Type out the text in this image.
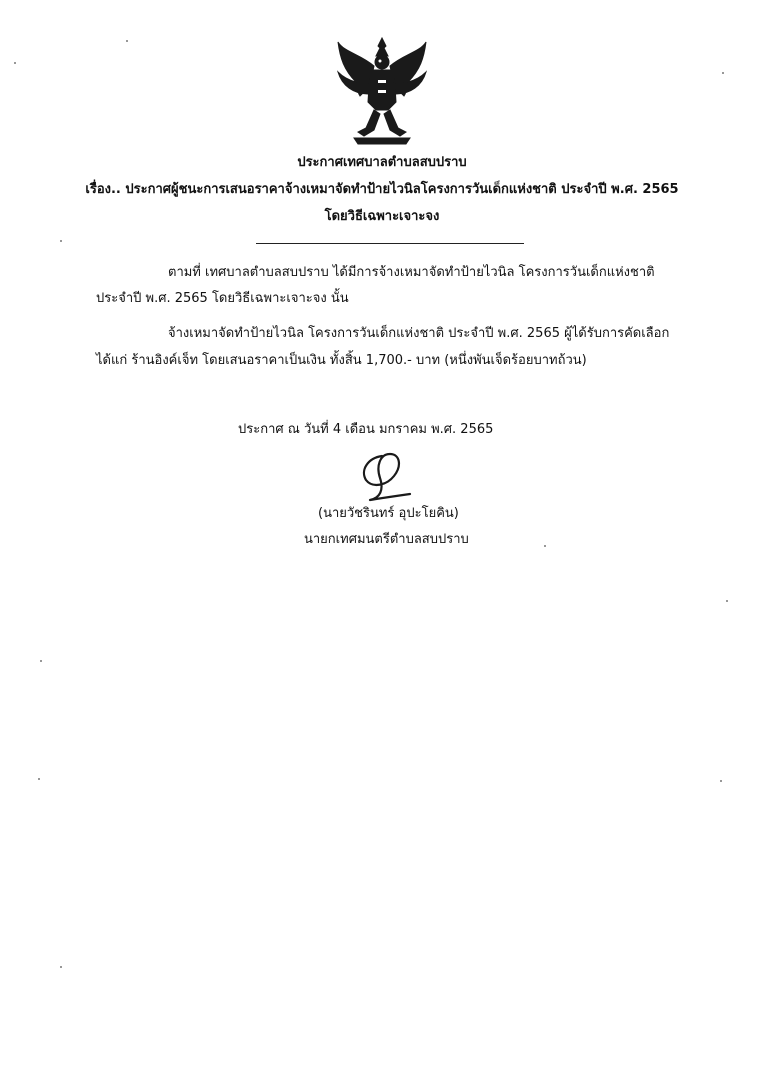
ประกาศเทศบาลตำบลสบปราบ
เรื่อง.. ประกาศผู้ชนะการเสนอราคาจ้างเหมาจัดทำป้ายไวนิลโครงการวันเด็กแห่งชาติ ประจำปี พ.ศ. 2565
โดยวิธีเฉพาะเจาะจง
ตามที่ เทศบาลตำบลสบปราบ ได้มีการจ้างเหมาจัดทำป้ายไวนิล โครงการวันเด็กแห่งชาติ
ประจำปี พ.ศ. 2565 โดยวิธีเฉพาะเจาะจง นั้น
จ้างเหมาจัดทำป้ายไวนิล โครงการวันเด็กแห่งชาติ ประจำปี พ.ศ. 2565 ผู้ได้รับการคัดเลือก
ได้แก่ ร้านอิงค์เจ็ท โดยเสนอราคาเป็นเงิน ทั้งสิ้น 1,700.- บาท (หนึ่งพันเจ็ดร้อยบาทถ้วน)
ประกาศ ณ วันที่ 4 เดือน มกราคม พ.ศ. 2565
(นายวัชรินทร์ อุปะโยคิน)
นายกเทศมนตรีตำบลสบปราบ
